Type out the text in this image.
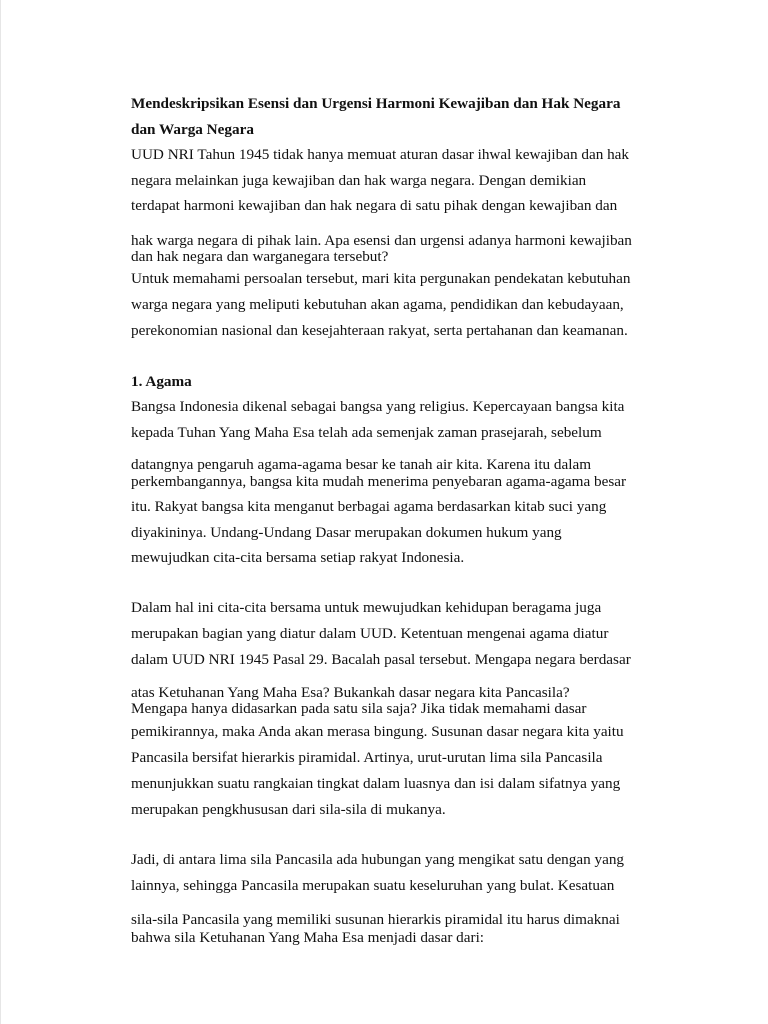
Mendeskripsikan Esensi dan Urgensi Harmoni Kewajiban dan Hak Negara
dan Warga Negara
UUD NRI Tahun 1945 tidak hanya memuat aturan dasar ihwal kewajiban dan hak
negara melainkan juga kewajiban dan hak warga negara. Dengan demikian
terdapat harmoni kewajiban dan hak negara di satu pihak dengan kewajiban dan
hak warga negara di pihak lain. Apa esensi dan urgensi adanya harmoni kewajiban
dan hak negara dan warganegara tersebut?
Untuk memahami persoalan tersebut, mari kita pergunakan pendekatan kebutuhan
warga negara yang meliputi kebutuhan akan agama, pendidikan dan kebudayaan,
perekonomian nasional dan kesejahteraan rakyat, serta pertahanan dan keamanan.
1. Agama
Bangsa Indonesia dikenal sebagai bangsa yang religius. Kepercayaan bangsa kita
kepada Tuhan Yang Maha Esa telah ada semenjak zaman prasejarah, sebelum
datangnya pengaruh agama-agama besar ke tanah air kita. Karena itu dalam
perkembangannya, bangsa kita mudah menerima penyebaran agama-agama besar
itu. Rakyat bangsa kita menganut berbagai agama berdasarkan kitab suci yang
diyakininya. Undang-Undang Dasar merupakan dokumen hukum yang
mewujudkan cita-cita bersama setiap rakyat Indonesia.
Dalam hal ini cita-cita bersama untuk mewujudkan kehidupan beragama juga
merupakan bagian yang diatur dalam UUD. Ketentuan mengenai agama diatur
dalam UUD NRI 1945 Pasal 29. Bacalah pasal tersebut. Mengapa negara berdasar
atas Ketuhanan Yang Maha Esa? Bukankah dasar negara kita Pancasila?
Mengapa hanya didasarkan pada satu sila saja? Jika tidak memahami dasar
pemikirannya, maka Anda akan merasa bingung. Susunan dasar negara kita yaitu
Pancasila bersifat hierarkis piramidal. Artinya, urut-urutan lima sila Pancasila
menunjukkan suatu rangkaian tingkat dalam luasnya dan isi dalam sifatnya yang
merupakan pengkhususan dari sila-sila di mukanya.
Jadi, di antara lima sila Pancasila ada hubungan yang mengikat satu dengan yang
lainnya, sehingga Pancasila merupakan suatu keseluruhan yang bulat. Kesatuan
sila-sila Pancasila yang memiliki susunan hierarkis piramidal itu harus dimaknai
bahwa sila Ketuhanan Yang Maha Esa menjadi dasar dari:
